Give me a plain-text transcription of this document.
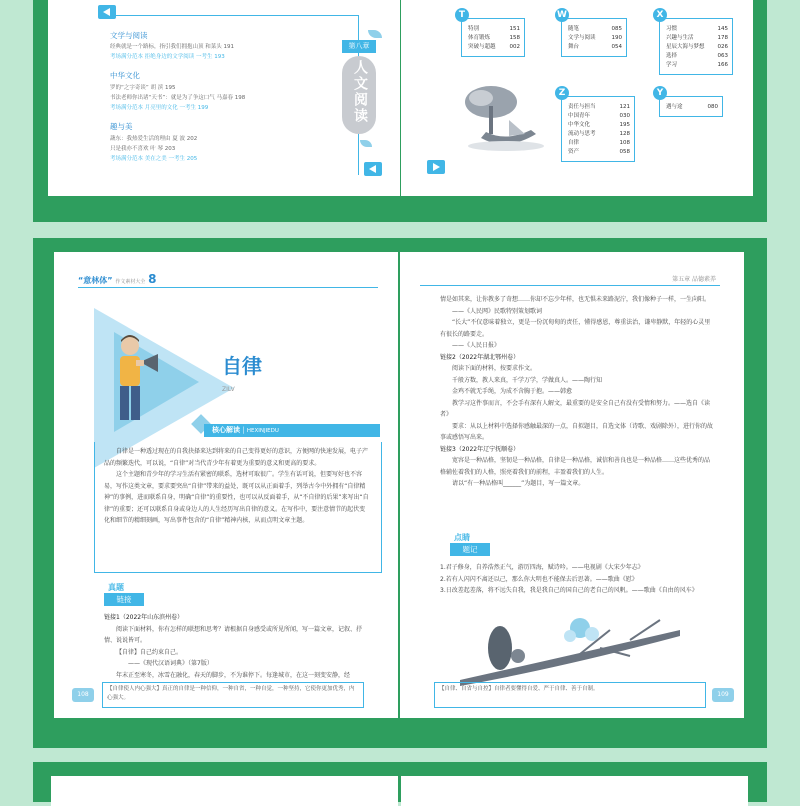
文学与阅读
经典就是一个路标，指引我们拥抱山顶 和菜头 191
考场满分范本 拒绝身边的文学阅读 一考生 193
中华文化
罗的“之字奇谈” 胡 滨 195
书法老师你出诸“天书”：就是为了争这口气 马嘉春 198
考场满分范本 月亮里的文化 一考生 199
趣与美
蔬东：我热爱生活的理由 夏 波 202
只是我亦不喜欢 叶 琴 203
考场满分范本 美在之美 一考生 205
第八章
人文阅读
特别	151
体育锻炼	158
突破与超越	002
T
随笔	085
文学与阅读	190
舞台	054
W
习惯	145
兴趣与生活	178
星辰大海与梦想 026
选择	063
学习	166
X
责任与担当	121
中国青年	030
中华文化	195
流动与思考	128
自律	108
资产	058
Z
遇与途	080
Y
“意林体” 作文素材大全 8
自律
ZILV
核心解读 | HEXINJIEDU

自律是一种透过现在的自我抉择来达到将来的自己变得更好的意识，方便网的快速发展，电子产品的频繁迭代，可以说，“自律”对当代青少年有着更为重要的意义和更高的要求。

这个主题和青少年的学习生活有紧密的联系，选材可取很广。学生有话可说，但要写好也不容易，写作这类文章，要求要突出“自律”带来的益处，既可以从正面着手，列举古今中外拥有“自律精神”的事例，进而联系自身，明确“自律”的重要性，也可以从反面着手，从“不自律的后果”来写出“自律”的重要；还可以联系自身或身边人的人生经历写出自律的意义。在写作中，要注意情节的起伏变化和细节的精细刻画，写出事件包含的“自律”精神内核，从而点明文章主题。

真题
链接

链接1（2022年山东滨州卷）

阅读下面材料，你有怎样的联想和思考？请根据自身感受或所见所闻，写一篇文章，记叙、抒情、说说皆可。

【自律】自己约束自己。

——《现代汉语词典》（第7版）

年末正至寒冬，冰雪在融化，春天的脚步，不为谁停下。每逢城市，在这一刻变安静，经

【自律使人内心强大】真正的自律是一种信仰，一种自省，一种自觉，一种坚持，它使你更加优秀，内心强大。
108
第五章 品德素养

情是如其来，让你教多了奇想……你却不忘少年样，也无惧未来路泥泞，我们像种子一样，一生向阳。

——《人民网》民歌特别策划歌词

“长大”不仅意味着独立，更是一份沉甸甸的责任，懂得感恩，尊重法治，谦卑静默，年轻的心灵里有很长的路要走。

——《人民日报》

链接2（2022年湖北鄂州卷）

阅读下面的材料，按要求作文。

千般方数，教人来真，千学万学，学做真人。——陶行知

金鸡不就无手绳，为成不含胸于抱。——韩愈

教学习这件事而言，不会手有深有人解文，最重要的是安全自己有没有受惰和努力。——选自《读者》

要求：从以上材料中选择你感触最深的一点，自拟题目，自选文体（诗歌、戏剧除外），进行你的故事或感悟写出来。

链接3（2022年辽宁抚顺卷）

宽容是一种品格，坚韧是一种品格，自律是一种品格，诚信和善良也是一种品格……这些优秀的品格辅佐着我们的人格，照亮着我们的前程，丰盈着我们的人生。

请以“有一种品格叫______”为题目，写一篇文章。

点睛
题记

1.君子修身，自养浩然正气，游历四海，赋诗吟。——电视剧《大宋少年志》

2.若有人闪闪不离还以己，那么你大明也不能保去后思著。——歌曲《慰》

3.日改差起差落，将不远失自我，我是我自己的国自己的老自己的风帆。——歌曲《自由的风车》

【自律、自省与自控】自律者要懂得自爱、严于自律、善于自制。
109
